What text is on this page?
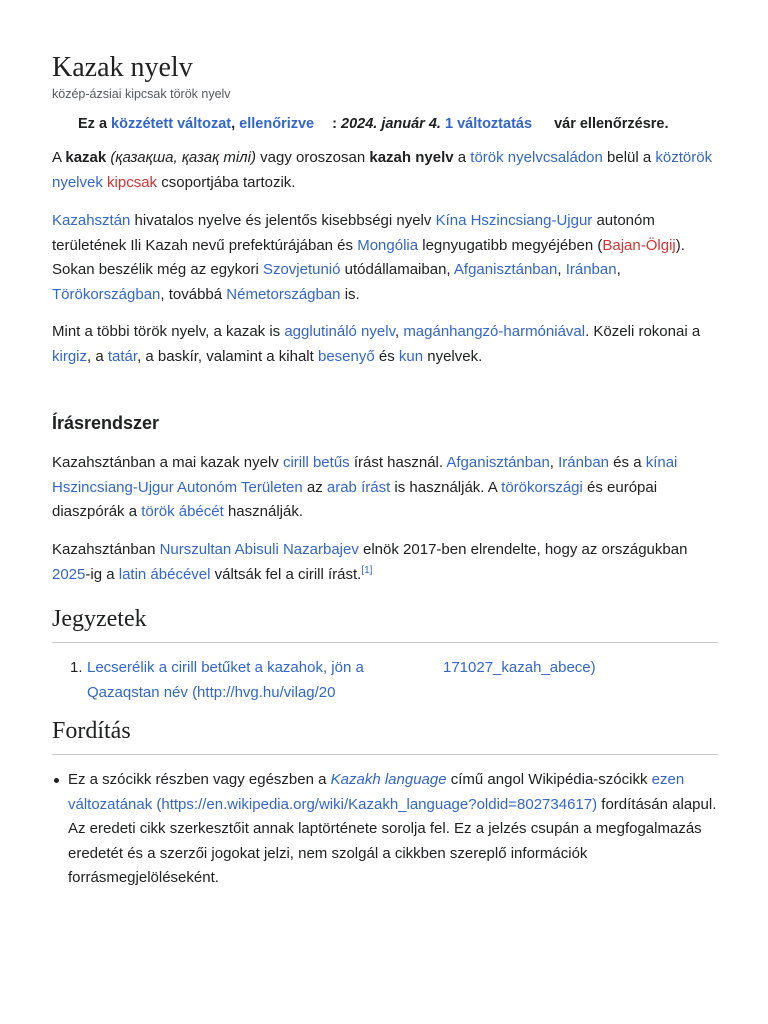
Kazak nyelv
közép-ázsiai kipcsak török nyelv
Ez a közzétett változat, ellenőrizve : 2024. január 4. 1 változtatás vár ellenőrzésre.

A kazak (қазақша, қазақ тілі) vagy oroszosan kazah nyelv a török nyelvcsaládon belül a köztörök nyelvek kipcsak csoportjába tartozik.

Kazahsztán hivatalos nyelve és jelentős kisebbségi nyelv Kína Hszincsiang-Ujgur autonóm területének Ili Kazah nevű prefektúrájában és Mongólia legnyugatibb megyéjében (Bajan-Ölgij). Sokan beszélik még az egykori Szovjetunió utódállamaiban, Afganisztánban, Iránban, Törökországban, továbbá Németországban is.

Mint a többi török nyelv, a kazak is agglutináló nyelv, magánhangzó-harmóniával. Közeli rokonai a kirgiz, a tatár, a baskír, valamint a kihalt besenyő és kun nyelvek.

Írásrendszer

Kazahsztánban a mai kazak nyelv cirill betűs írást használ. Afganisztánban, Iránban és a kínai Hszincsiang-Ujgur Autonóm Területen az arab írást is használják. A törökországi és európai diaszpórák a török ábécét használják.

Kazahsztánban Nurszultan Abisuli Nazarbajev elnök 2017-ben elrendelte, hogy az országukban 2025-ig a latin ábécével váltsák fel a cirill írást.[1]

Jegyzetek
1. Lecserélik a cirill betűket a kazahok, jön a Qazaqstan név (http://hvg.hu/vilag/20
171027_kazah_abece)
Fordítás
Ez a szócikk részben vagy egészben a Kazakh language című angol Wikipédia-szócikk ezen változatának (https://en.wikipedia.org/wiki/Kazakh_language?oldid=802734617) fordításán alapul. Az eredeti cikk szerkesztőit annak laptörténete sorolja fel. Ez a jelzés csupán a megfogalmazás eredetét és a szerzői jogokat jelzi, nem szolgál a cikkben szereplő információk forrásmegjelöléseként.
